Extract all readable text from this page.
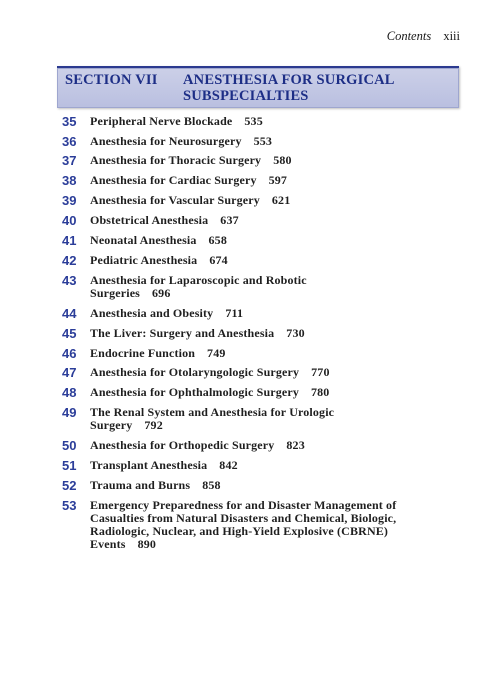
Contents xiii
SECTION VII ANESTHESIA FOR SURGICAL SUBSPECIALTIES
35	Peripheral Nerve Blockade 535
36	Anesthesia for Neurosurgery 553
37	Anesthesia for Thoracic Surgery 580
38	Anesthesia for Cardiac Surgery 597
39	Anesthesia for Vascular Surgery 621
40	Obstetrical Anesthesia 637
41	Neonatal Anesthesia 658
42	Pediatric Anesthesia 674
43	Anesthesia for Laparoscopic and Robotic Surgeries 696
44	Anesthesia and Obesity 711
45	The Liver: Surgery and Anesthesia 730
46	Endocrine Function 749
47	Anesthesia for Otolaryngologic Surgery 770
48	Anesthesia for Ophthalmologic Surgery 780
49	The Renal System and Anesthesia for Urologic Surgery 792
50	Anesthesia for Orthopedic Surgery 823
51	Transplant Anesthesia 842
52	Trauma and Burns 858
53	Emergency Preparedness for and Disaster Management of Casualties from Natural Disasters and Chemical, Biologic, Radiologic, Nuclear, and High-Yield Explosive (CBRNE) Events 890
